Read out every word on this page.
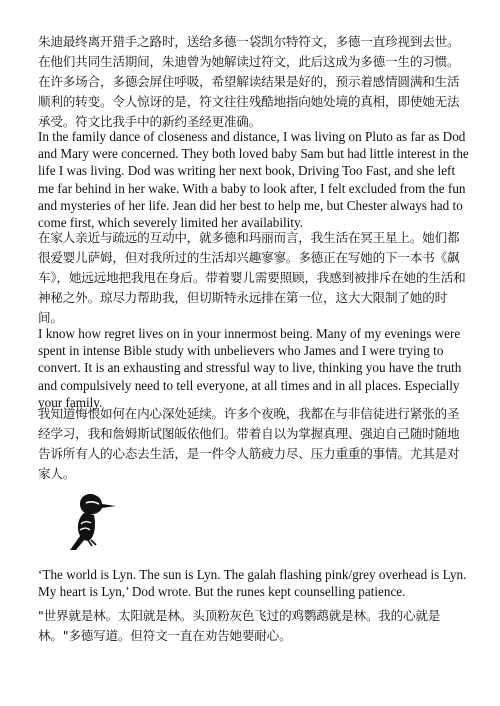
朱迪最终离开猎手之路时，送给多德一袋凯尔特符文，多德一直珍视到去世。在他们共同生活期间，朱迪曾为她解读过符文，此后这成为多德一生的习惯。在许多场合，多德会屏住呼吸，希望解读结果是好的，预示着感情圆满和生活顺利的转变。令人惊讶的是，符文往往残酷地指向她处境的真相，即使她无法承受。符文比我手中的新约圣经更准确。

In the family dance of closeness and distance, I was living on Pluto as far as Dod and Mary were concerned. They both loved baby Sam but had little interest in the life I was living. Dod was writing her next book, Driving Too Fast, and she left me far behind in her wake. With a baby to look after, I felt excluded from the fun and mysteries of her life. Jean did her best to help me, but Chester always had to come first, which severely limited her availability.

在家人亲近与疏远的互动中，就多德和玛丽而言，我生活在冥王星上。她们都很爱婴儿萨姆，但对我所过的生活却兴趣寥寥。多德正在写她的下一本书《飙车》，她远远地把我甩在身后。带着婴儿需要照顾，我感到被排斥在她的生活和神秘之外。琼尽力帮助我，但切斯特永远排在第一位，这大大限制了她的时间。

I know how regret lives on in your innermost being. Many of my evenings were spent in intense Bible study with unbelievers who James and I were trying to convert. It is an exhausting and stressful way to live, thinking you have the truth and compulsively need to tell everyone, at all times and in all places. Especially your family.

我知道悔恨如何在内心深处延续。许多个夜晚，我都在与非信徒进行紧张的圣经学习，我和詹姆斯试图皈依他们。带着自以为掌握真理、强迫自己随时随地告诉所有人的心态去生活，是一件令人筋疲力尽、压力重重的事情。尤其是对家人。

‘The world is Lyn. The sun is Lyn. The galah flashing pink/grey overhead is Lyn. My heart is Lyn,’ Dod wrote. But the runes kept counselling patience.

"世界就是林。太阳就是林。头顶粉灰色飞过的鸡鹦鹉就是林。我的心就是林。"多德写道。但符文一直在劝告她要耐心。
